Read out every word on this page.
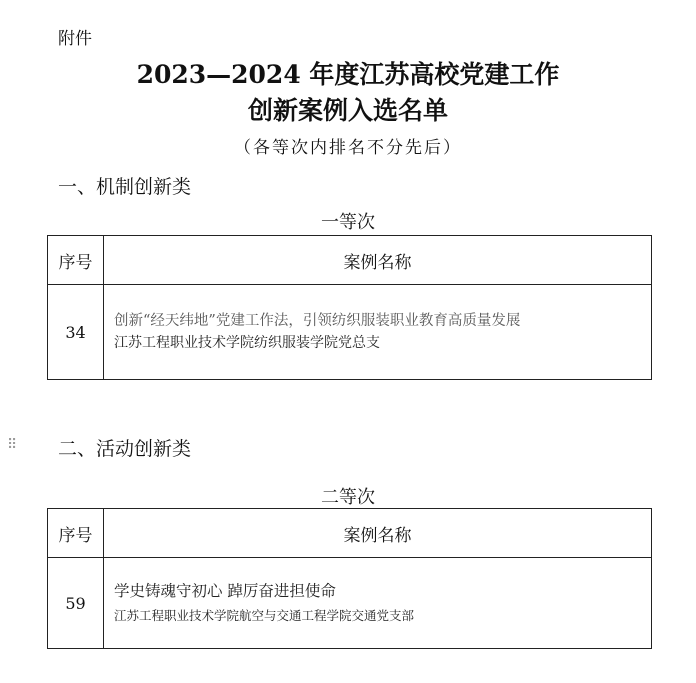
附件
2023—2024 年度江苏高校党建工作
创新案例入选名单
（各等次内排名不分先后）
一、机制创新类
一等次
序号	案例名称
34	创新“经天纬地”党建工作法，引领纺织服装职业教育高质量发展
江苏工程职业技术学院纺织服装学院党总支
⠿ 二、活动创新类
二等次
序号	案例名称
59	学史铸魂守初心 踔厉奋进担使命
江苏工程职业技术学院航空与交通工程学院交通党支部
